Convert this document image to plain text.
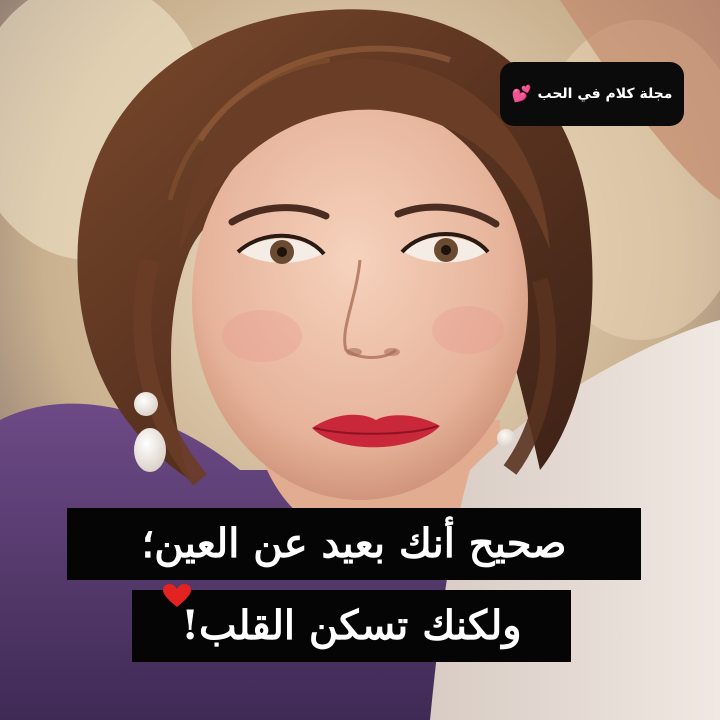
مجلة كلام في الحب
💕
صحيح أنك بعيد عن العين؛
ولكنك تسكن القلب!
